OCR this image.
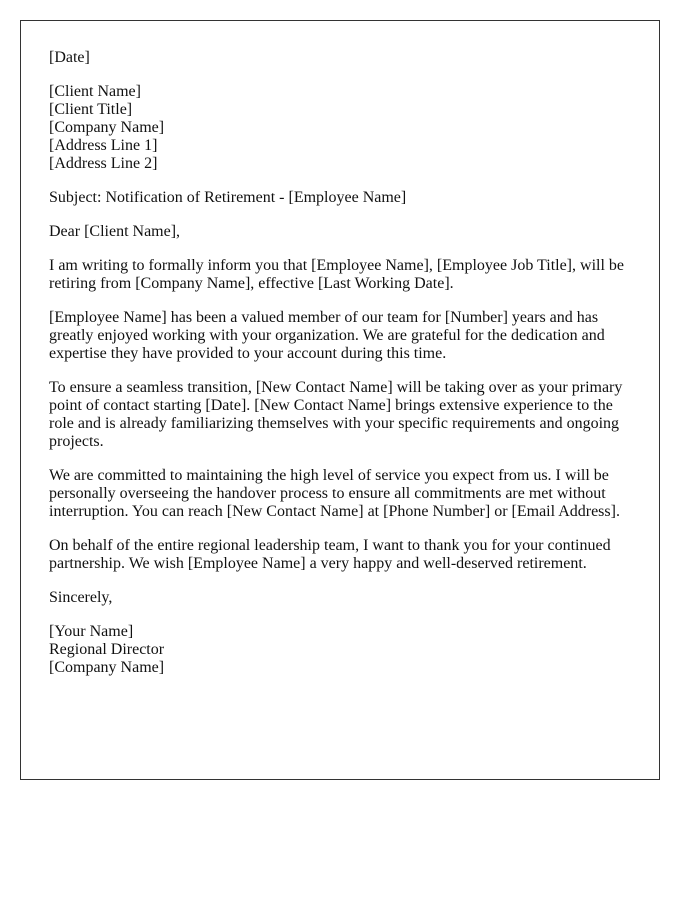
[Date]

[Client Name]
[Client Title]
[Company Name]
[Address Line 1]
[Address Line 2]

Subject: Notification of Retirement - [Employee Name]

Dear [Client Name],

I am writing to formally inform you that [Employee Name], [Employee Job Title], will be retiring from [Company Name], effective [Last Working Date].

[Employee Name] has been a valued member of our team for [Number] years and has greatly enjoyed working with your organization. We are grateful for the dedication and expertise they have provided to your account during this time.

To ensure a seamless transition, [New Contact Name] will be taking over as your primary point of contact starting [Date]. [New Contact Name] brings extensive experience to the role and is already familiarizing themselves with your specific requirements and ongoing projects.

We are committed to maintaining the high level of service you expect from us. I will be personally overseeing the handover process to ensure all commitments are met without interruption. You can reach [New Contact Name] at [Phone Number] or [Email Address].

On behalf of the entire regional leadership team, I want to thank you for your continued partnership. We wish [Employee Name] a very happy and well-deserved retirement.

Sincerely,

[Your Name]
Regional Director
[Company Name]
